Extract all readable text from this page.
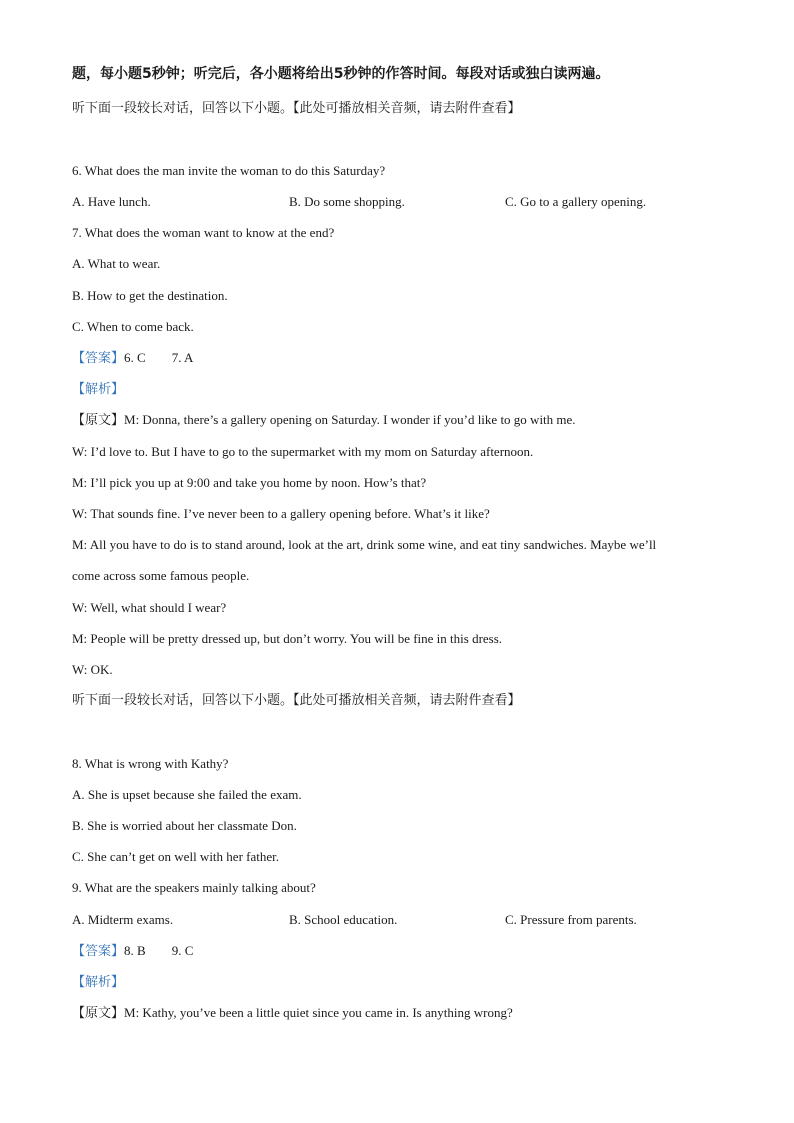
题，每小题5秒钟；听完后，各小题将给出5秒钟的作答时间。每段对话或独白读两遍。
听下面一段较长对话，回答以下小题。【此处可播放相关音频，请去附件查看】
6. What does the man invite the woman to do this Saturday?
A. Have lunch.	B. Do some shopping.	C. Go to a gallery opening.
7. What does the woman want to know at the end?
A. What to wear.
B. How to get the destination.
C. When to come back.
【答案】6. C 7. A
【解析】
【原文】M: Donna, there’s a gallery opening on Saturday. I wonder if you’d like to go with me.
W: I’d love to. But I have to go to the supermarket with my mom on Saturday afternoon.
M: I’ll pick you up at 9:00 and take you home by noon. How’s that?
W: That sounds fine. I’ve never been to a gallery opening before. What’s it like?
M: All you have to do is to stand around, look at the art, drink some wine, and eat tiny sandwiches. Maybe we’ll
come across some famous people.
W: Well, what should I wear?
M: People will be pretty dressed up, but don’t worry. You will be fine in this dress.
W: OK.
听下面一段较长对话，回答以下小题。【此处可播放相关音频，请去附件查看】
8. What is wrong with Kathy?
A. She is upset because she failed the exam.
B. She is worried about her classmate Don.
C. She can’t get on well with her father.
9. What are the speakers mainly talking about?
A. Midterm exams.	B. School education.	C. Pressure from parents.
【答案】8. B 9. C
【解析】
【原文】M: Kathy, you’ve been a little quiet since you came in. Is anything wrong?
